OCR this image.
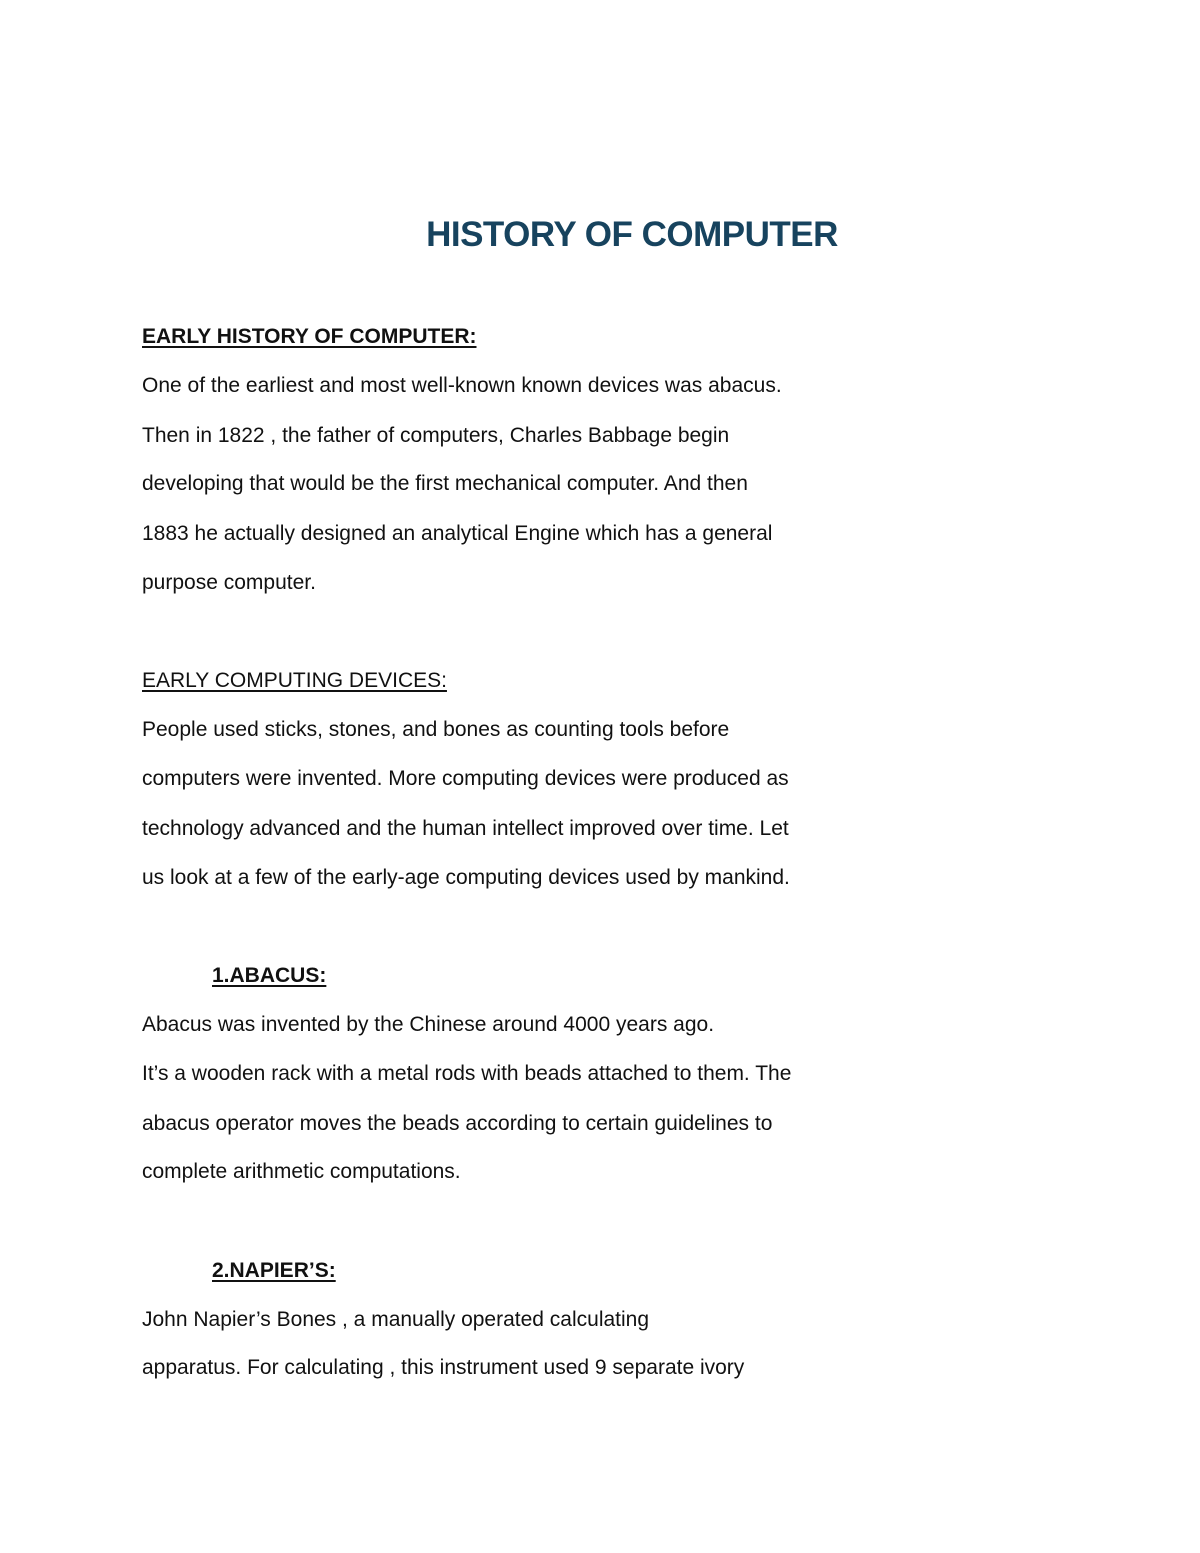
HISTORY OF COMPUTER

EARLY HISTORY OF COMPUTER:

One of the earliest and most well-known known devices was abacus.

Then in 1822 , the father of computers, Charles Babbage begin

developing that would be the first mechanical computer. And then

1883 he actually designed an analytical Engine which has a general

purpose computer.

EARLY COMPUTING DEVICES:

People used sticks, stones, and bones as counting tools before

computers were invented. More computing devices were produced as

technology advanced and the human intellect improved over time. Let

us look at a few of the early-age computing devices used by mankind.

1.ABACUS:

Abacus was invented by the Chinese around 4000 years ago.

It’s a wooden rack with a metal rods with beads attached to them. The

abacus operator moves the beads according to certain guidelines to

complete arithmetic computations.

2.NAPIER’S:

John Napier’s Bones , a manually operated calculating

apparatus. For calculating , this instrument used 9 separate ivory
